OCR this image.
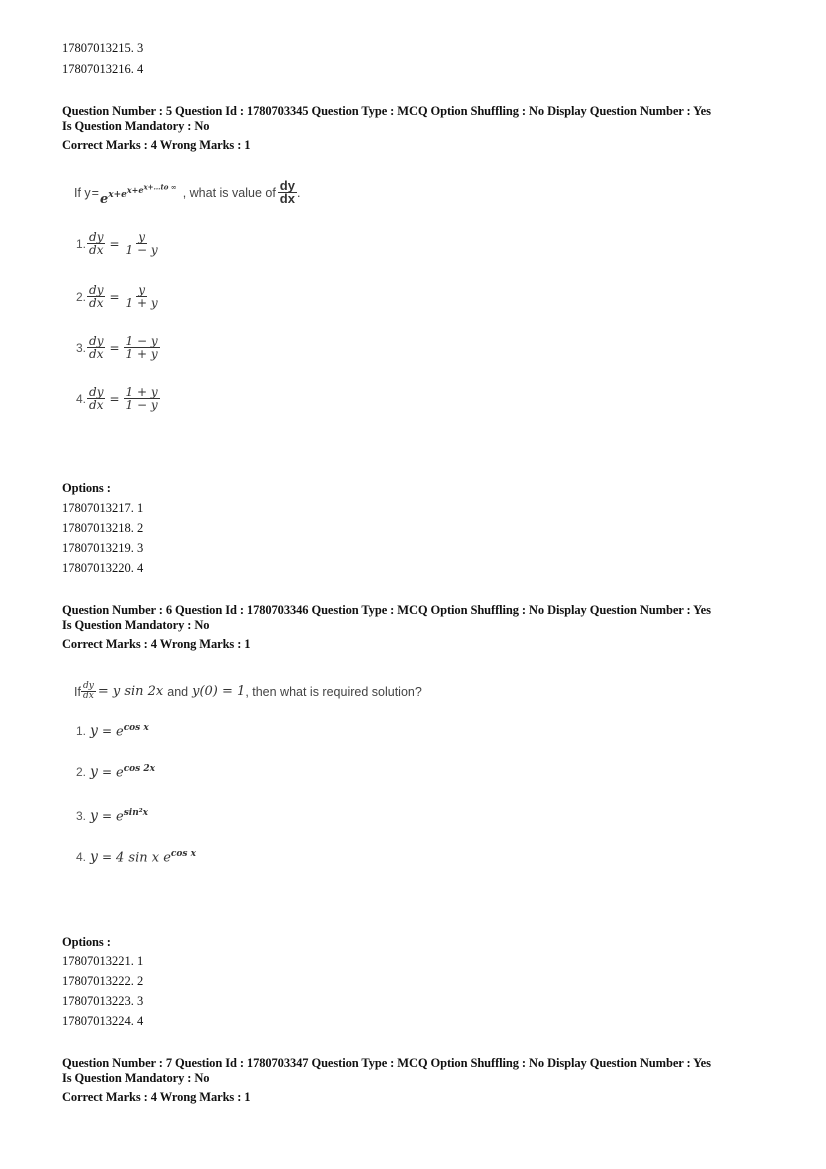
17807013215. 3
17807013216. 4
Question Number : 5 Question Id : 1780703345 Question Type : MCQ Option Shuffling : No Display Question Number : Yes
Is Question Mandatory : No
Correct Marks : 4 Wrong Marks : 1
If $y = e^{x+e^{x+e^{x+\dots to \infty}}}$ , what is value of $\frac{dy}{dx}$ .
1. $\frac{dy}{dx} = \frac{y}{1 - y}$
2. $\frac{dy}{dx} = \frac{y}{1 + y}$
3. $\frac{dy}{dx} = \frac{1 - y}{1 + y}$
4. $\frac{dy}{dx} = \frac{1 + y}{1 - y}$
Options :
17807013217. 1
17807013218. 2
17807013219. 3
17807013220. 4
Question Number : 6 Question Id : 1780703346 Question Type : MCQ Option Shuffling : No Display Question Number : Yes
Is Question Mandatory : No
Correct Marks : 4 Wrong Marks : 1
If $\frac{dy}{dx} = y$ sin 2x and y(0) = 1 , then what is required solution?
1. $y = e^{cos x}$
2. $y = e^{cos 2x}$
3. $y = e^{sin^2x}$
4. y = 4 sin x $e^{cos x}$
Options :
17807013221. 1
17807013222. 2
17807013223. 3
17807013224. 4
Question Number : 7 Question Id : 1780703347 Question Type : MCQ Option Shuffling : No Display Question Number : Yes
Is Question Mandatory : No
Correct Marks : 4 Wrong Marks : 1
